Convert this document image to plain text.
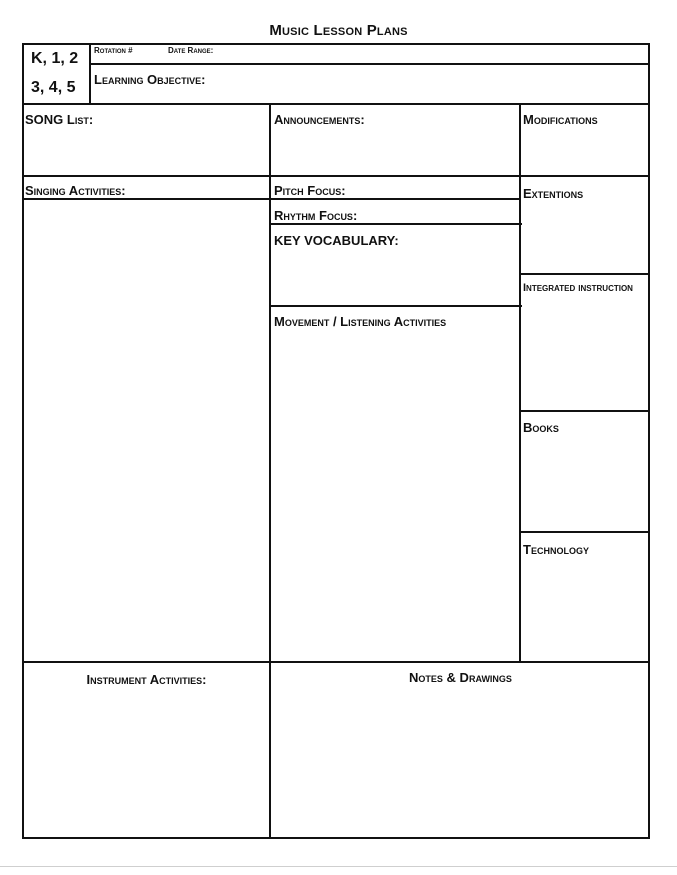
Music Lesson Plans
K, 1, 2
3, 4, 5
Rotation #	Date Range:
Learning Objective:
SONG List:	Announcements:	Modifications
Singing Activities:	Pitch Focus:	Extentions
Rhythm Focus:
KEY VOCABULARY:
Integrated instruction
Movement / Listening Activities
Books
Technology
Instrument Activities:	Notes & Drawings
